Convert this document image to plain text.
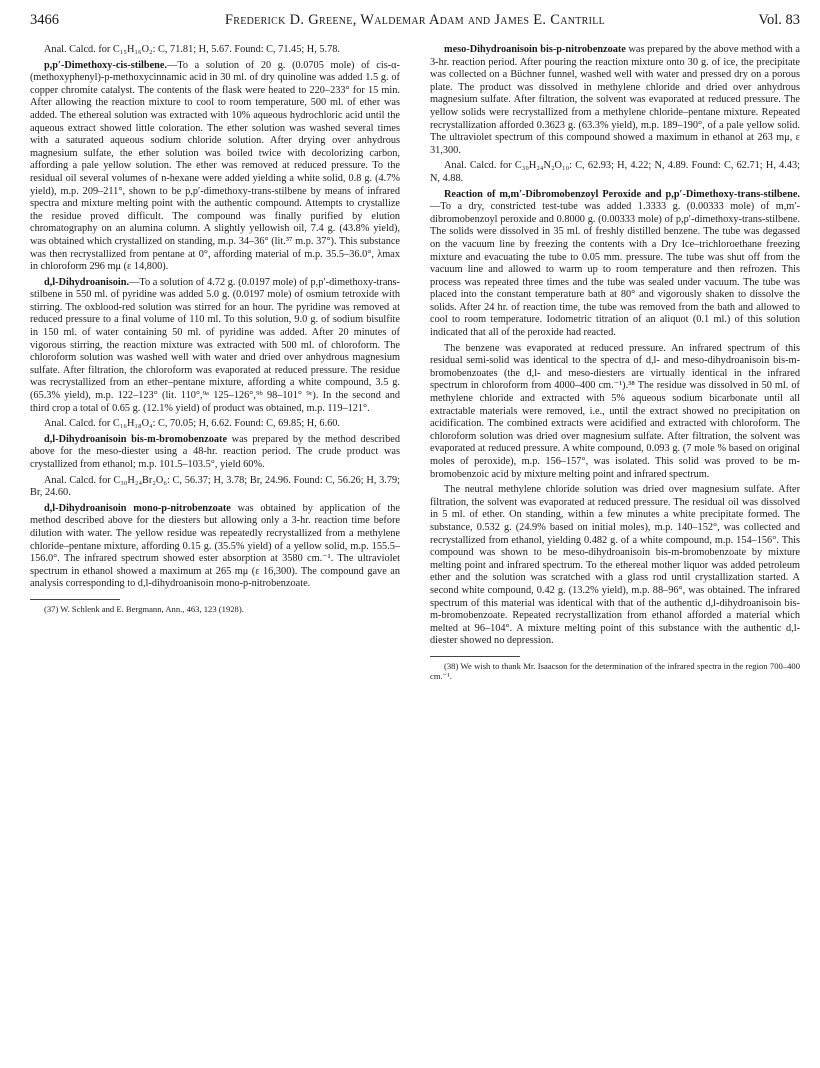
3466	Frederick D. Greene, Waldemar Adam and James E. Cantrill	Vol. 83

Anal. Calcd. for C₁₅H₁₆O₂: C, 71.81; H, 5.67. Found: C, 71.45; H, 5.78.

p,p′-Dimethoxy-cis-stilbene.—To a solution of 20 g. (0.0705 mole) of cis-α-(methoxyphenyl)-p-methoxycinnamic acid in 30 ml. of dry quinoline was added 1.5 g. of copper chromite catalyst. The contents of the flask were heated to 220–233° for 15 min. After allowing the reaction mixture to cool to room temperature, 500 ml. of ether was added. The ethereal solution was extracted with 10% aqueous hydrochloric acid until the aqueous extract showed little coloration. The ether solution was washed several times with a saturated aqueous sodium chloride solution. After drying over anhydrous magnesium sulfate, the ether solution was boiled twice with decolorizing carbon, affording a pale yellow solution. The ether was removed at reduced pressure. To the residual oil several volumes of n-hexane were added yielding a white solid, 0.8 g. (4.7% yield), m.p. 209–211°, shown to be p,p′-dimethoxy-trans-stilbene by means of infrared spectra and mixture melting point with the authentic compound. Attempts to crystallize the residue proved difficult. The compound was finally purified by elution chromatography on an alumina column. A slightly yellowish oil, 7.4 g. (43.8% yield), was obtained which crystallized on standing, m.p. 34–36° (lit.³⁷ m.p. 37°). This substance was then recrystallized from pentane at 0°, affording material of m.p. 35.5–36.0°, λmax in chloroform 296 mμ (ε 14,800).

d,l-Dihydroanisoin.—To a solution of 4.72 g. (0.0197 mole) of p,p′-dimethoxy-trans-stilbene in 550 ml. of pyridine was added 5.0 g. (0.0197 mole) of osmium tetroxide with stirring. The oxblood-red solution was stirred for an hour. The pyridine was removed at reduced pressure to a final volume of 110 ml. To this solution, 9.0 g. of sodium bisulfite in 150 ml. of water containing 50 ml. of pyridine was added. After 20 minutes of vigorous stirring, the reaction mixture was extracted with 500 ml. of chloroform. The chloroform solution was washed well with water and dried over anhydrous magnesium sulfate. After filtration, the chloroform was evaporated at reduced pressure. The residue was recrystallized from an ether–pentane mixture, affording a white compound, 3.5 g. (65.3% yield), m.p. 122–123° (lit. 110°,⁹ᵃ 125–126°,⁹ᵇ 98–101° ⁹ᶜ). In the second and third crop a total of 0.65 g. (12.1% yield) of product was obtained, m.p. 119–121°.

Anal. Calcd. for C₁₆H₁₈O₄: C, 70.05; H, 6.62. Found: C, 69.85; H, 6.60.

d,l-Dihydroanisoin bis-m-bromobenzoate was prepared by the method described above for the meso-diester using a 48-hr. reaction period. The crude product was crystallized from ethanol; m.p. 101.5–103.5°, yield 60%.

Anal. Calcd. for C₃₀H₂₄Br₂O₆: C, 56.37; H, 3.78; Br, 24.96. Found: C, 56.26; H, 3.79; Br, 24.60.

d,l-Dihydroanisoin mono-p-nitrobenzoate was obtained by application of the method described above for the diesters but allowing only a 3-hr. reaction time before dilution with water. The yellow residue was repeatedly recrystallized from a methylene chloride–pentane mixture, affording 0.15 g. (35.5% yield) of a yellow solid, m.p. 155.5–156.0°. The infrared spectrum showed ester absorption at 3580 cm.⁻¹. The ultraviolet spectrum in ethanol showed a maximum at 265 mμ (ε 16,300). The compound gave an analysis corresponding to d,l-dihydroanisoin mono-p-nitrobenzoate.

(37) W. Schlenk and E. Bergmann, Ann., 463, 123 (1928).

meso-Dihydroanisoin bis-p-nitrobenzoate was prepared by the above method with a 3-hr. reaction period. After pouring the reaction mixture onto 30 g. of ice, the precipitate was collected on a Büchner funnel, washed well with water and pressed dry on a porous plate. The product was dissolved in methylene chloride and dried over anhydrous magnesium sulfate. After filtration, the solvent was evaporated at reduced pressure. The yellow solids were recrystallized from a methylene chloride–pentane mixture. Repeated recrystallization afforded 0.3623 g. (63.3% yield), m.p. 189–190°, of a pale yellow solid. The ultraviolet spectrum of this compound showed a maximum in ethanol at 263 mμ, ε 31,300.

Anal. Calcd. for C₃₀H₂₄N₂O₁₀: C, 62.93; H, 4.22; N, 4.89. Found: C, 62.71; H, 4.43; N, 4.88.

Reaction of m,m′-Dibromobenzoyl Peroxide and p,p′-Dimethoxy-trans-stilbene.—To a dry, constricted test-tube was added 1.3333 g. (0.00333 mole) of m,m′-dibromobenzoyl peroxide and 0.8000 g. (0.00333 mole) of p,p′-dimethoxy-trans-stilbene. The solids were dissolved in 35 ml. of freshly distilled benzene. The tube was degassed on the vacuum line by freezing the contents with a Dry Ice–trichloroethane freezing mixture and evacuating the tube to 0.05 mm. pressure. The tube was shut off from the vacuum line and allowed to warm up to room temperature and then refrozen. This process was repeated three times and the tube was sealed under vacuum. The tube was placed into the constant temperature bath at 80° and vigorously shaken to dissolve the solids. After 24 hr. of reaction time, the tube was removed from the bath and allowed to cool to room temperature. Iodometric titration of an aliquot (0.1 ml.) of this solution indicated that all of the peroxide had reacted.

The benzene was evaporated at reduced pressure. An infrared spectrum of this residual semi-solid was identical to the spectra of d,l- and meso-dihydroanisoin bis-m-bromobenzoates (the d,l- and meso-diesters are virtually identical in the infrared spectrum in chloroform from 4000–400 cm.⁻¹).³⁸ The residue was dissolved in 50 ml. of methylene chloride and extracted with 5% aqueous sodium bicarbonate until all extractable materials were removed, i.e., until the extract showed no precipitation on acidification. The combined extracts were acidified and extracted with chloroform. The chloroform solution was dried over magnesium sulfate. After filtration, the solvent was evaporated at reduced pressure. A white compound, 0.093 g. (7 mole % based on original moles of peroxide), m.p. 156–157°, was isolated. This solid was proved to be m-bromobenzoic acid by mixture melting point and infrared spectrum.

The neutral methylene chloride solution was dried over magnesium sulfate. After filtration, the solvent was evaporated at reduced pressure. The residual oil was dissolved in 5 ml. of ether. On standing, within a few minutes a white precipitate formed. The substance, 0.532 g. (24.9% based on initial moles), m.p. 140–152°, was collected and recrystallized from ethanol, yielding 0.482 g. of a white compound, m.p. 154–156°. This compound was shown to be meso-dihydroanisoin bis-m-bromobenzoate by mixture melting point and infrared spectrum. To the ethereal mother liquor was added petroleum ether and the solution was scratched with a glass rod until crystallization started. A second white compound, 0.42 g. (13.2% yield), m.p. 88–96°, was obtained. The infrared spectrum of this material was identical with that of the authentic d,l-dihydroanisoin bis-m-bromobenzoate. Repeated recrystallization from ethanol afforded a material which melted at 96–104°. A mixture melting point of this substance with the authentic d,l-diester showed no depression.

(38) We wish to thank Mr. Isaacson for the determination of the infrared spectra in the region 700–400 cm.⁻¹.
